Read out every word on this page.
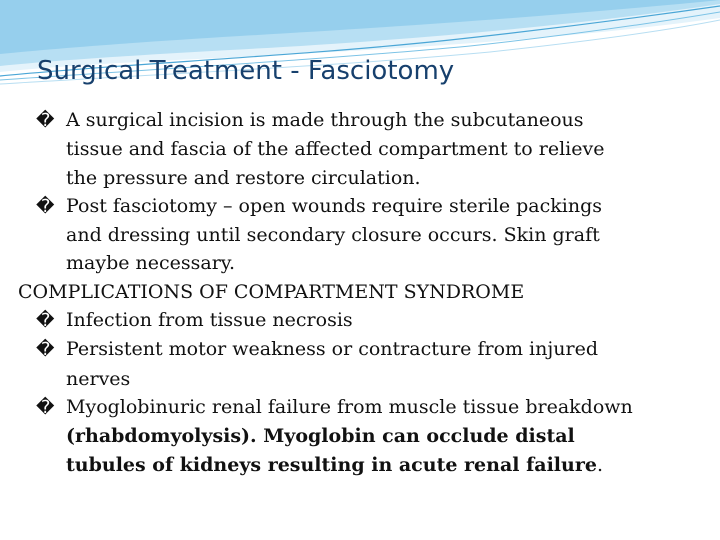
Surgical Treatment - Fasciotomy

� A surgical incision is made through the subcutaneous
tissue and fascia of the affected compartment to relieve
the pressure and restore circulation.

� Post fasciotomy – open wounds require sterile packings
and dressing until secondary closure occurs. Skin graft
maybe necessary.

COMPLICATIONS OF COMPARTMENT SYNDROME

� Infection from tissue necrosis

� Persistent motor weakness or contracture from injured
nerves

� Myoglobinuric renal failure from muscle tissue breakdown
(rhabdomyolysis). Myoglobin can occlude distal
tubules of kidneys resulting in acute renal failure.
